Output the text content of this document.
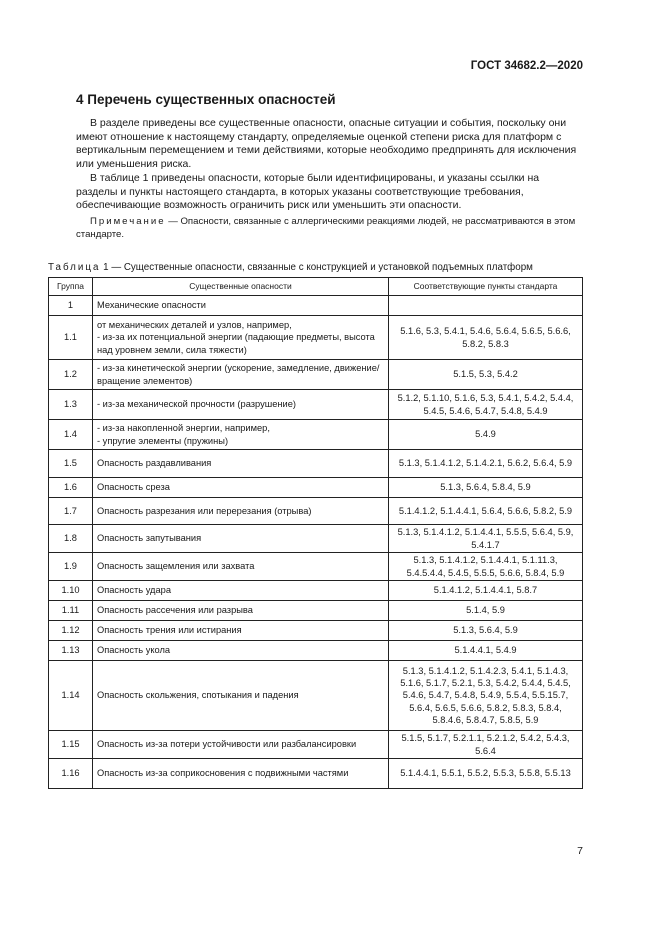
ГОСТ 34682.2—2020
4 Перечень существенных опасностей

В разделе приведены все существенные опасности, опасные ситуации и события, поскольку они имеют отношение к настоящему стандарту, определяемые оценкой степени риска для платформ с вертикальным перемещением и теми действиями, которые необходимо предпринять для исключения или уменьшения риска.

В таблице 1 приведены опасности, которые были идентифицированы, и указаны ссылки на разделы и пункты настоящего стандарта, в которых указаны соответствующие требования, обеспечивающие возможность ограничить риск или уменьшить эти опасности.

Примечание — Опасности, связанные с аллергическими реакциями людей, не рассматриваются в этом стандарте.

Таблица 1 — Существенные опасности, связанные с конструкцией и установкой подъемных платформ
Группа	Существенные опасности	Соответствующие пункты стандарта
1	Механические опасности	

1.1	от механических деталей и узлов, например,
- из-за их потенциальной энергии (падающие предметы, высота над уровнем земли, сила тяжести)	5.1.6, 5.3, 5.4.1, 5.4.6, 5.6.4, 5.6.5, 5.6.6, 5.8.2, 5.8.3
1.2	- из-за кинетической энергии (ускорение, замедление, движение/вращение элементов)	5.1.5, 5.3, 5.4.2
1.3	- из-за механической прочности (разрушение)	5.1.2, 5.1.10, 5.1.6, 5.3, 5.4.1, 5.4.2, 5.4.4, 5.4.5, 5.4.6, 5.4.7, 5.4.8, 5.4.9
1.4	- из-за накопленной энергии, например,
- упругие элементы (пружины)	5.4.9
1.5	Опасность раздавливания	5.1.3, 5.1.4.1.2, 5.1.4.2.1, 5.6.2, 5.6.4, 5.9
1.6	Опасность среза	5.1.3, 5.6.4, 5.8.4, 5.9
1.7	Опасность разрезания или перерезания (отрыва)	5.1.4.1.2, 5.1.4.4.1, 5.6.4, 5.6.6, 5.8.2, 5.9
1.8	Опасность запутывания	5.1.3, 5.1.4.1.2, 5.1.4.4.1, 5.5.5, 5.6.4, 5.9, 5.4.1.7
1.9	Опасность защемления или захвата	5.1.3, 5.1.4.1.2, 5.1.4.4.1, 5.1.11.3, 5.4.5.4.4, 5.4.5, 5.5.5, 5.6.6, 5.8.4, 5.9
1.10	Опасность удара	5.1.4.1.2, 5.1.4.4.1, 5.8.7
1.11	Опасность рассечения или разрыва	5.1.4, 5.9
1.12	Опасность трения или истирания	5.1.3, 5.6.4, 5.9
1.13	Опасность укола	5.1.4.4.1, 5.4.9
1.14	Опасность скольжения, спотыкания и падения	5.1.3, 5.1.4.1.2, 5.1.4.2.3, 5.4.1, 5.1.4.3, 5.1.6, 5.1.7, 5.2.1, 5.3, 5.4.2, 5.4.4, 5.4.5, 5.4.6, 5.4.7, 5.4.8, 5.4.9, 5.5.4, 5.5.15.7, 5.6.4, 5.6.5, 5.6.6, 5.8.2, 5.8.3, 5.8.4, 5.8.4.6, 5.8.4.7, 5.8.5, 5.9
1.15	Опасность из-за потери устойчивости или разбалансировки	5.1.5, 5.1.7, 5.2.1.1, 5.2.1.2, 5.4.2, 5.4.3, 5.6.4
1.16	Опасность из-за соприкосновения с подвижными частями	5.1.4.4.1, 5.5.1, 5.5.2, 5.5.3, 5.5.8, 5.5.13
7
